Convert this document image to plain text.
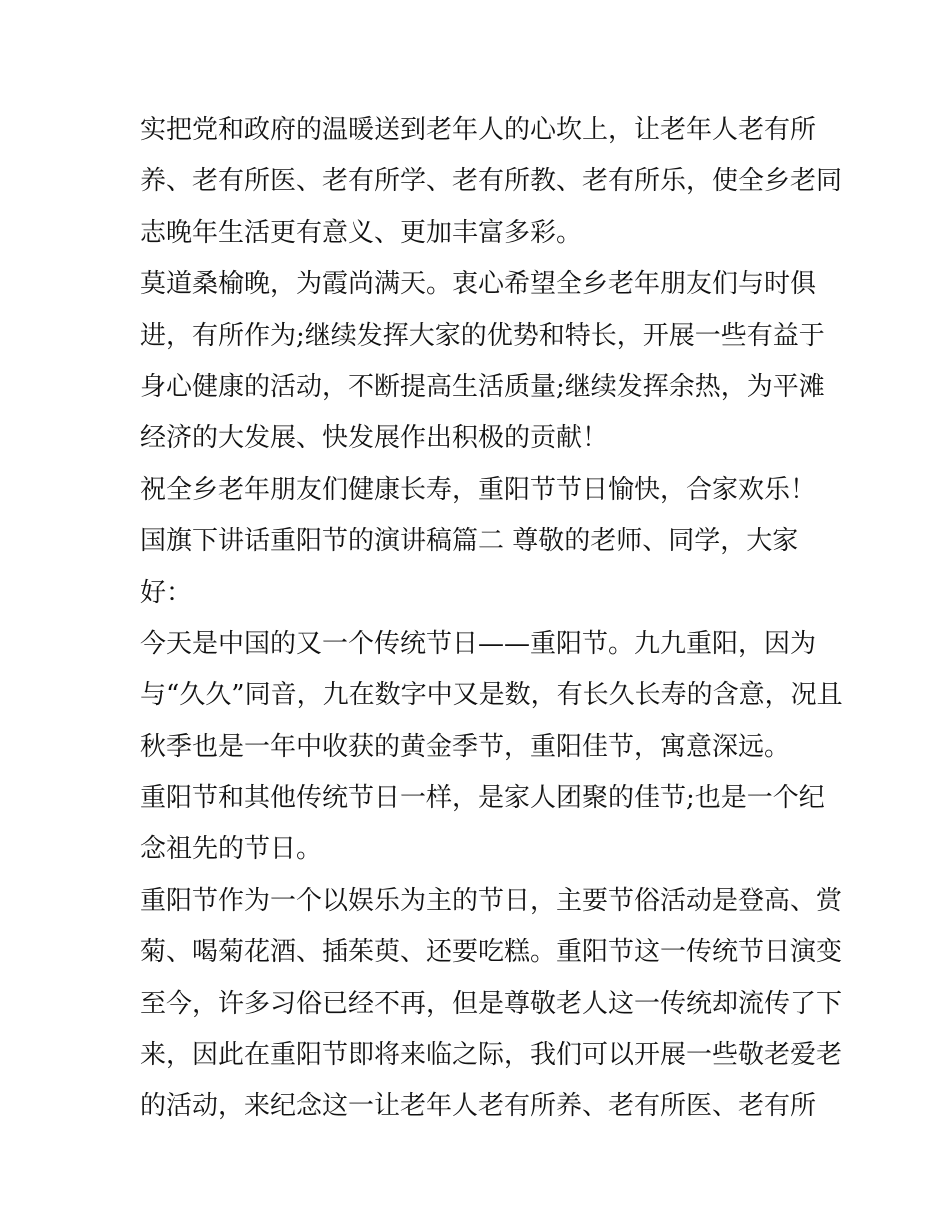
实把党和政府的温暖送到老年人的心坎上，让老年人老有所

养、老有所医、老有所学、老有所教、老有所乐，使全乡老同

志晚年生活更有意义、更加丰富多彩。

莫道桑榆晚，为霞尚满天。衷心希望全乡老年朋友们与时俱

进，有所作为;继续发挥大家的优势和特长，开展一些有益于

身心健康的活动，不断提高生活质量;继续发挥余热，为平滩

经济的大发展、快发展作出积极的贡献！

祝全乡老年朋友们健康长寿，重阳节节日愉快，合家欢乐！

国旗下讲话重阳节的演讲稿篇二 尊敬的老师、同学，大家

好：

今天是中国的又一个传统节日——重阳节。九九重阳，因为

与“久久”同音，九在数字中又是数，有长久长寿的含意，况且

秋季也是一年中收获的黄金季节，重阳佳节，寓意深远。

重阳节和其他传统节日一样，是家人团聚的佳节;也是一个纪

念祖先的节日。

重阳节作为一个以娱乐为主的节日，主要节俗活动是登高、赏

菊、喝菊花酒、插茱萸、还要吃糕。重阳节这一传统节日演变

至今，许多习俗已经不再，但是尊敬老人这一传统却流传了下

来，因此在重阳节即将来临之际，我们可以开展一些敬老爱老

的活动，来纪念这一让老年人老有所养、老有所医、老有所
